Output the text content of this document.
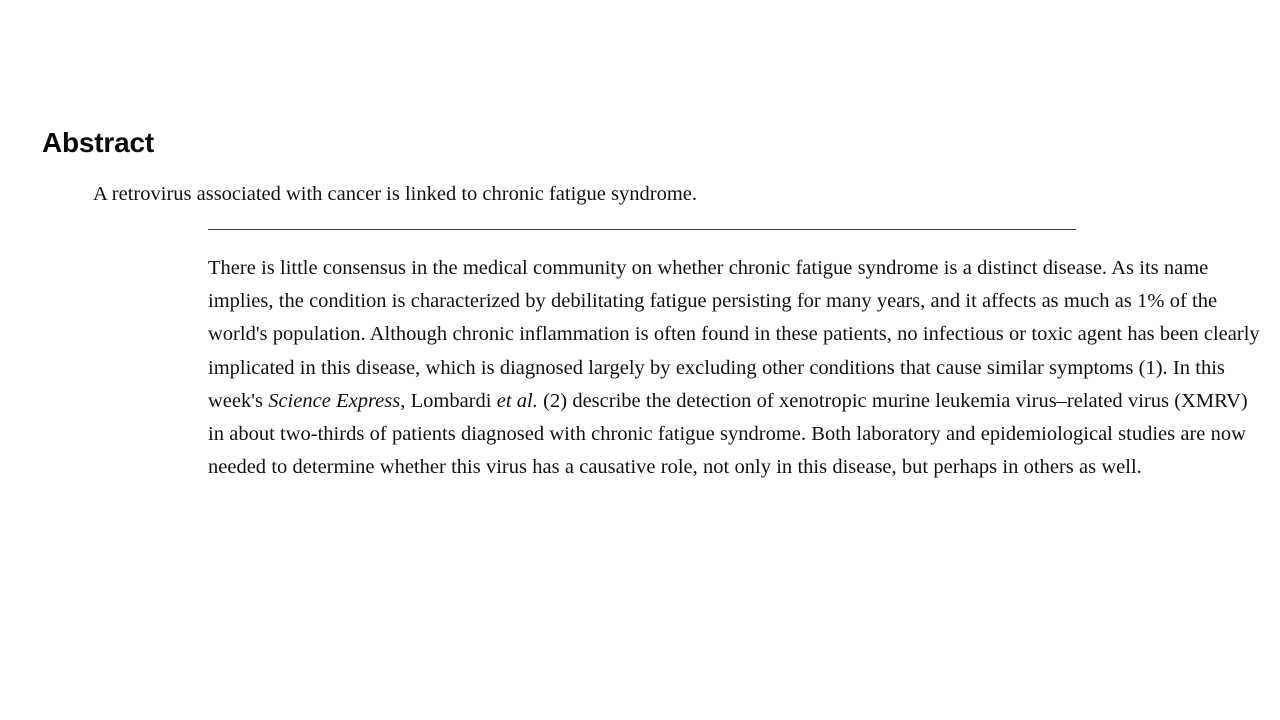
Abstract

A retrovirus associated with cancer is linked to chronic fatigue syndrome.

There is little consensus in the medical community on whether chronic fatigue syndrome is a distinct disease. As its name implies, the condition is characterized by debilitating fatigue persisting for many years, and it affects as much as 1% of the world's population. Although chronic inflammation is often found in these patients, no infectious or toxic agent has been clearly implicated in this disease, which is diagnosed largely by excluding other conditions that cause similar symptoms (1). In this week's Science Express, Lombardi et al. (2) describe the detection of xenotropic murine leukemia virus–related virus (XMRV) in about two-thirds of patients diagnosed with chronic fatigue syndrome. Both laboratory and epidemiological studies are now needed to determine whether this virus has a causative role, not only in this disease, but perhaps in others as well.
